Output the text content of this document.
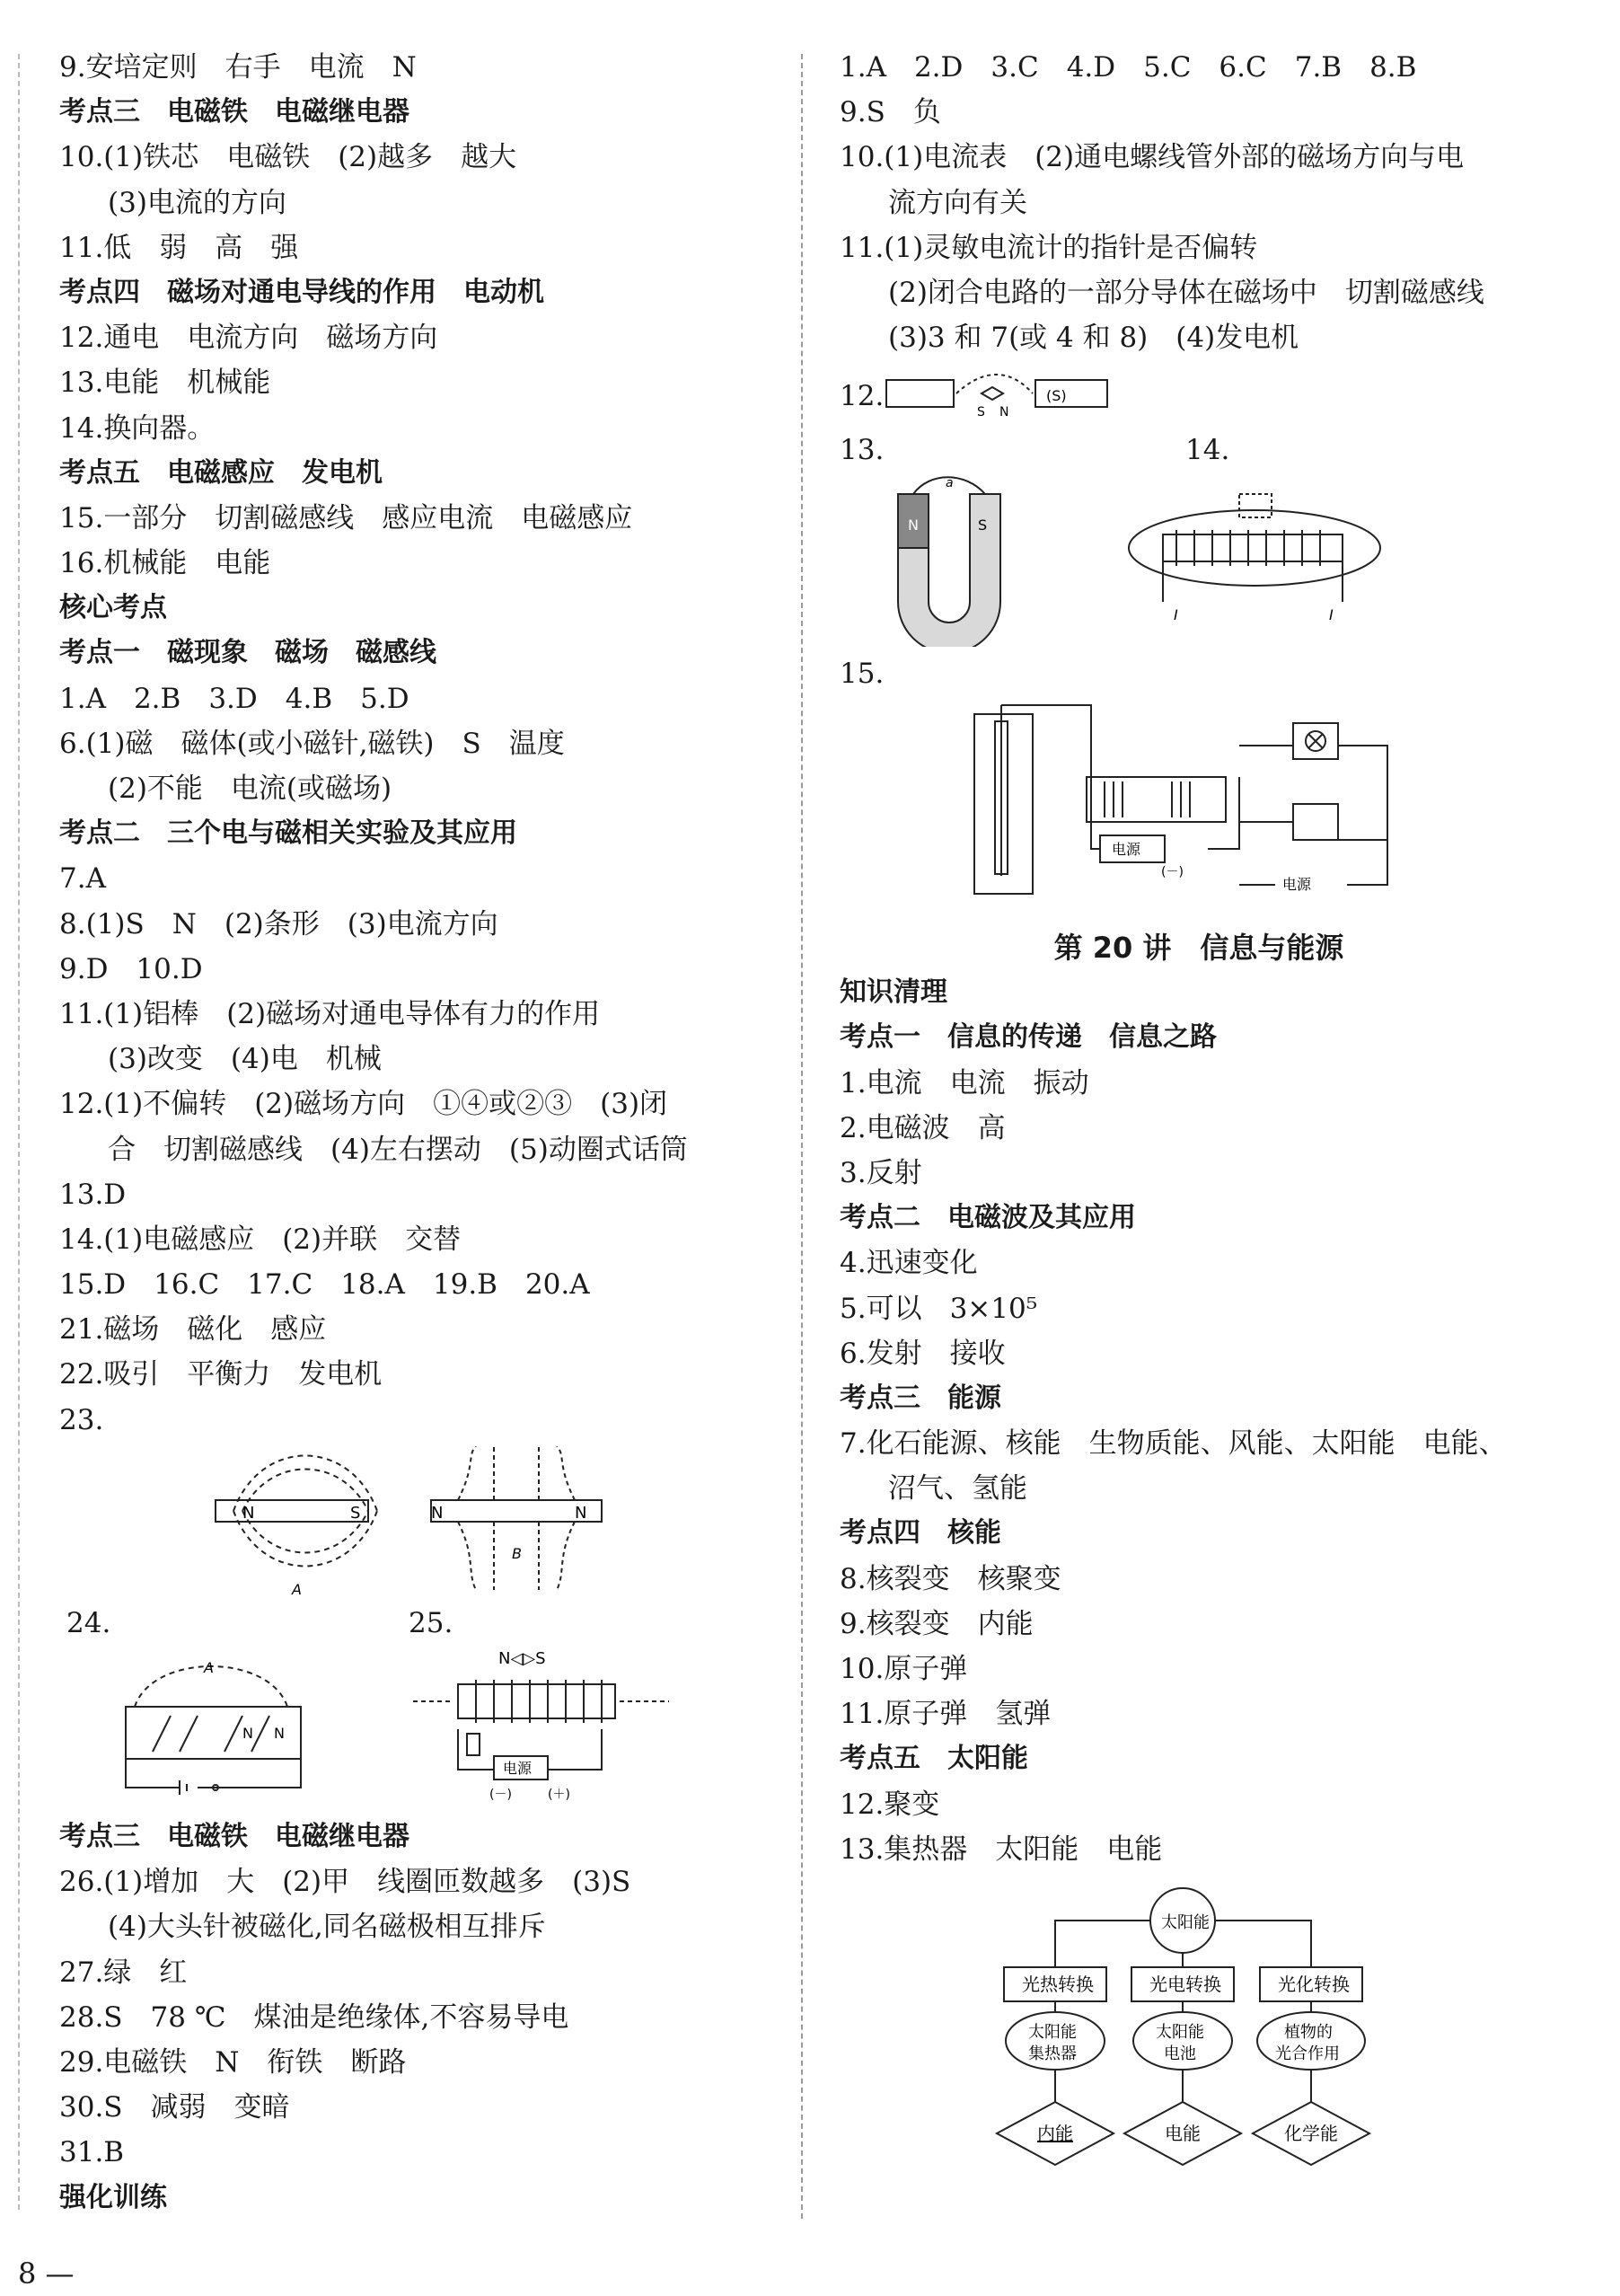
9.安培定则　右手　电流　N
考点三　电磁铁　电磁继电器
10.(1)铁芯　电磁铁　(2)越多　越大
(3)电流的方向
11.低　弱　高　强
考点四　磁场对通电导线的作用　电动机
12.通电　电流方向　磁场方向
13.电能　机械能
14.换向器。
考点五　电磁感应　发电机
15.一部分　切割磁感线　感应电流　电磁感应
16.机械能　电能
核心考点
考点一　磁现象　磁场　磁感线
1.A　2.B　3.D　4.B　5.D
6.(1)磁　磁体(或小磁针,磁铁)　S　温度
(2)不能　电流(或磁场)
考点二　三个电与磁相关实验及其应用
7.A
8.(1)S　N　(2)条形　(3)电流方向
9.D　10.D
11.(1)铝棒　(2)磁场对通电导体有力的作用
(3)改变　(4)电　机械
12.(1)不偏转　(2)磁场方向　①④或②③　(3)闭
合　切割磁感线　(4)左右摆动　(5)动圈式话筒
13.D
14.(1)电磁感应　(2)并联　交替
15.D　16.C　17.C　18.A　19.B　20.A
21.磁场　磁化　感应
22.吸引　平衡力　发电机
23.
考点三　电磁铁　电磁继电器
26.(1)增加　大　(2)甲　线圈匝数越多　(3)S
(4)大头针被磁化,同名磁极相互排斥
27.绿　红
28.S　78 ℃　煤油是绝缘体,不容易导电
29.电磁铁　N　衔铁　断路
30.S　减弱　变暗
31.B
强化训练
1.A　2.D　3.C　4.D　5.C　6.C　7.B　8.B
9.S　负
10.(1)电流表　(2)通电螺线管外部的磁场方向与电
流方向有关
11.(1)灵敏电流计的指针是否偏转
(2)闭合电路的一部分导体在磁场中　切割磁感线
(3)3 和 7(或 4 和 8)　(4)发电机
第 20 讲　信息与能源
知识清理
考点一　信息的传递　信息之路
1.电流　电流　振动
2.电磁波　高
3.反射
考点二　电磁波及其应用
4.迅速变化
5.可以　3×10⁵
6.发射　接收
考点三　能源
7.化石能源、核能　生物质能、风能、太阳能　电能、
沼气、氢能
考点四　核能
8.核裂变　核聚变
9.核裂变　内能
10.原子弹
11.原子弹　氢弹
考点五　太阳能
12.聚变
13.集热器　太阳能　电能
N	S	N	N
B
A
24.	25.
A
N N
N◁▷S
电源
(－)	(＋)
12.	(S)
S N
13.	14.
N	S
a
I	I
15.
电源
(－)
电源
太阳能
光热转换	光电转换	光化转换
太阳能
集热器
太阳能
电池
植物的
光合作用
内能	电能	化学能
8 —
